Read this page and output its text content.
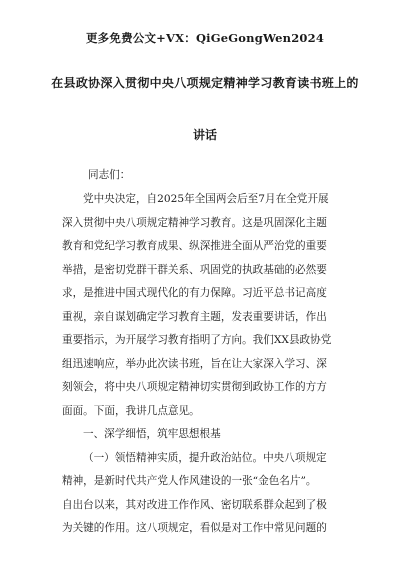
更多免费公文+VX：QiGeGongWen2024
在县政协深入贯彻中央八项规定精神学习教育读书班上的
讲话
同志们：
党中央决定，自2025年全国两会后至7月在全党开展
深入贯彻中央八项规定精神学习教育。这是巩固深化主题
教育和党纪学习教育成果、纵深推进全面从严治党的重要
举措，是密切党群干群关系、巩固党的执政基础的必然要
求，是推进中国式现代化的有力保障。习近平总书记高度
重视，亲自谋划确定学习教育主题，发表重要讲话，作出
重要指示，为开展学习教育指明了方向。我们XX县政协党
组迅速响应，举办此次读书班，旨在让大家深入学习、深
刻领会，将中央八项规定精神切实贯彻到政协工作的方方
面面。下面，我讲几点意见。
一、深学细悟，筑牢思想根基
（一）领悟精神实质，提升政治站位。中央八项规定
精神，是新时代共产党人作风建设的一张“金色名片”。
自出台以来，其对改进工作作风、密切联系群众起到了极
为关键的作用。这八项规定，看似是对工作中常见问题的
